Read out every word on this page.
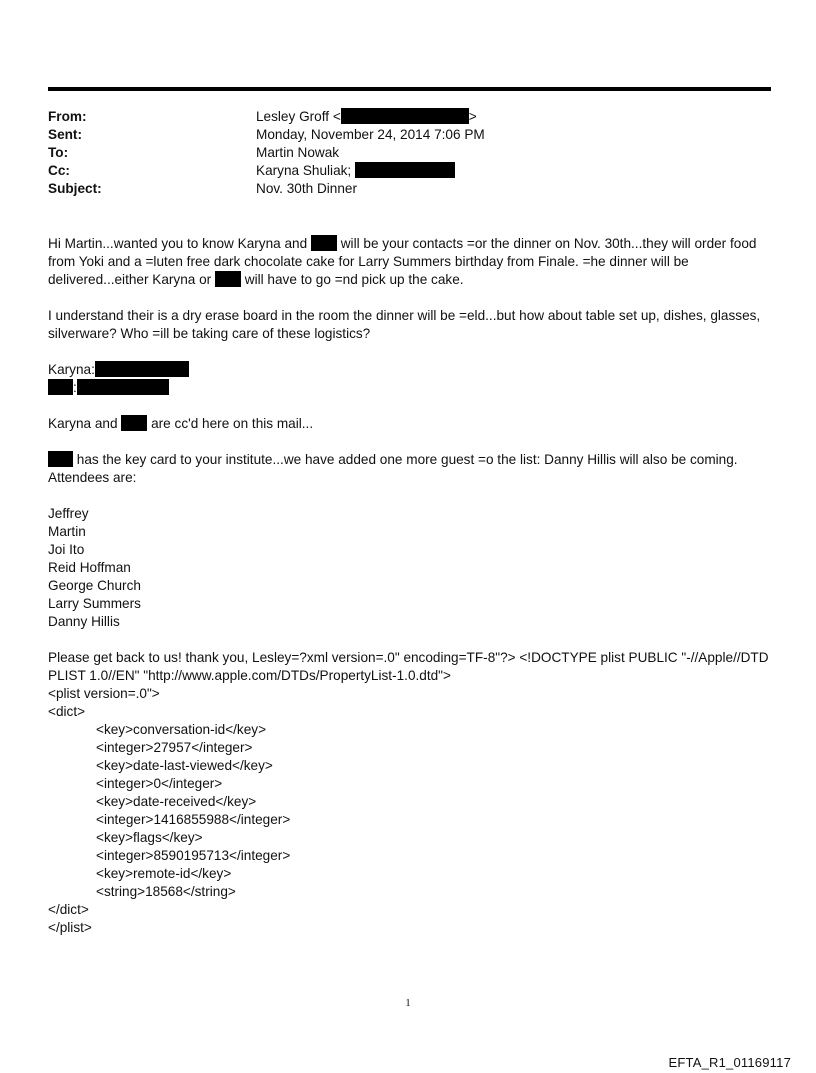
From:	Lesley Groff <	>
Sent:	Monday, November 24, 2014 7:06 PM
To:	Martin Nowak
Cc:	Karyna Shuliak;
Subject:	Nov. 30th Dinner

Hi Martin...wanted you to know Karyna and will be your contacts =or the dinner on Nov. 30th...they will order food

from Yoki and a =luten free dark chocolate cake for Larry Summers birthday from Finale. =he dinner will be

delivered...either Karyna or will have to go =nd pick up the cake.

I understand their is a dry erase board in the room the dinner will be =eld...but how about table set up, dishes, glasses,

silverware? Who =ill be taking care of these logistics?

Karyna:

:

Karyna and are cc'd here on this mail...

has the key card to your institute...we have added one more guest =o the list: Danny Hillis will also be coming.

Attendees are:

Jeffrey

Martin

Joi Ito

Reid Hoffman

George Church

Larry Summers

Danny Hillis

Please get back to us! thank you, Lesley=?xml version=.0" encoding=TF-8"?> <!DOCTYPE plist PUBLIC "-//Apple//DTD

PLIST 1.0//EN" "http://www.apple.com/DTDs/PropertyList-1.0.dtd">

<plist version=.0">

<dict>

<key>conversation-id</key>

<integer>27957</integer>

<key>date-last-viewed</key>

<integer>0</integer>

<key>date-received</key>

<integer>1416855988</integer>

<key>flags</key>

<integer>8590195713</integer>

<key>remote-id</key>

<string>18568</string>

</dict>

</plist>

1
EFTA_R1_01169117
